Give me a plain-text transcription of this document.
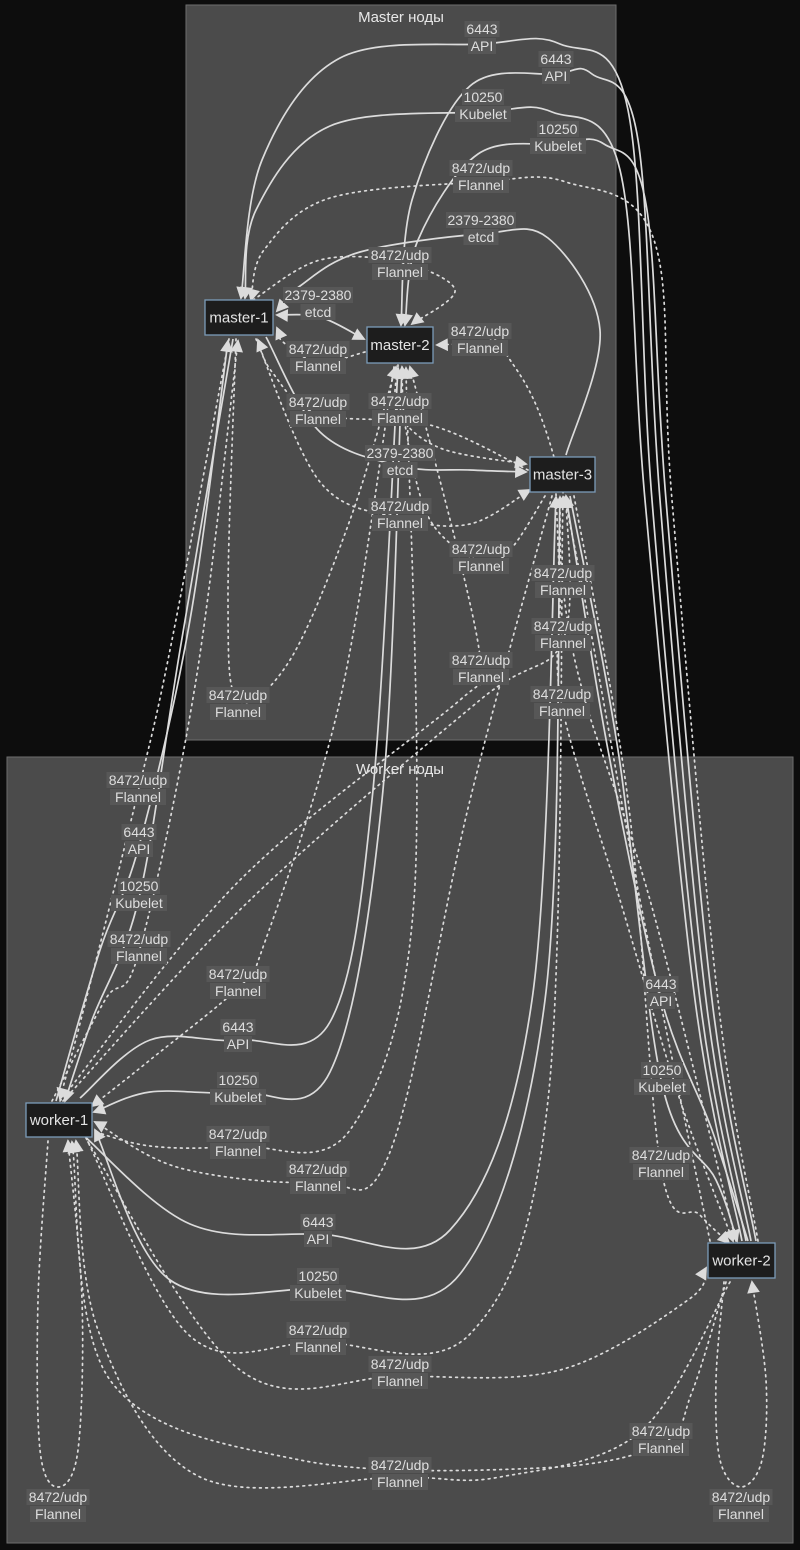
Master ноды
Worker ноды
6443
API
6443
API
10250
Kubelet
10250
Kubelet
8472/udp
Flannel
2379-2380
etcd
8472/udp
Flannel
2379-2380
etcd
8472/udp
Flannel
8472/udp
Flannel
8472/udp
Flannel
8472/udp
Flannel
2379-2380
etcd
8472/udp
Flannel
8472/udp
Flannel 8472/udp
Flannel
8472/udp
Flannel
8472/udp
Flannel
8472/udp
Flannel
8472/udp
Flannel
8472/udp
Flannel
6443
API
10250
Kubelet
8472/udp
Flannel
8472/udp
Flannel
6443
API
10250
Kubelet
8472/udp
Flannel
8472/udp
Flannel
6443
API
10250
Kubelet
8472/udp
Flannel
8472/udp
Flannel
8472/udp
Flannel
6443
API
10250
Kubelet
8472/udp
Flannel
8472/udp
Flannel
8472/udp
Flannel
8472/udp
Flannel
master-1
master-2
master-3
worker-1
worker-2
